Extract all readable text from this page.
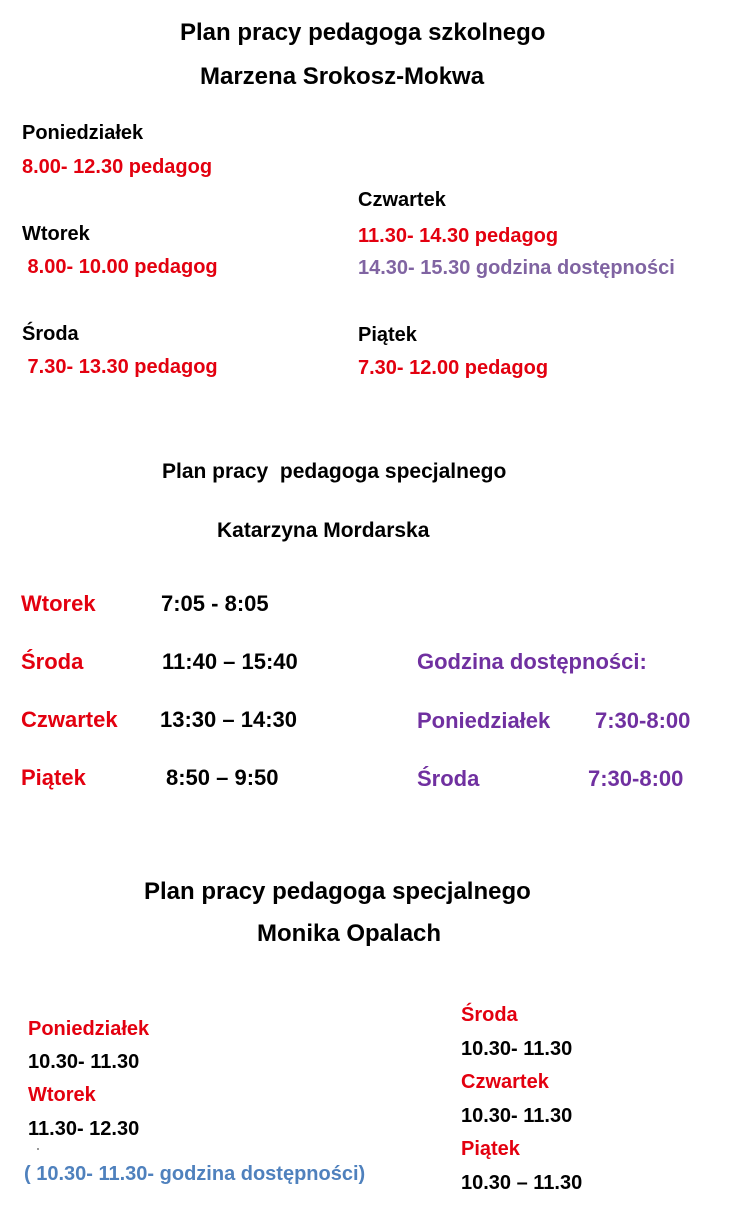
Plan pracy pedagoga szkolnego
Marzena Srokosz-Mokwa
Poniedziałek
8.00- 12.30 pedagog
Wtorek
8.00- 10.00 pedagog
Środa
7.30- 13.30 pedagog
Czwartek
11.30- 14.30 pedagog
14.30- 15.30 godzina dostępności
Piątek
7.30- 12.00 pedagog
Plan pracy  pedagoga specjalnego
Katarzyna Mordarska
Wtorek	7:05 - 8:05
Środa	11:40 – 15:40
Czwartek 13:30 – 14:30
Piątek	8:50 – 9:50
Godzina dostępności:
Poniedziałek 7:30-8:00
Środa	7:30-8:00
Plan pracy pedagoga specjalnego
Monika Opalach
Poniedziałek
10.30- 11.30
Wtorek
11.30- 12.30
( 10.30- 11.30- godzina dostępności)
Środa
10.30- 11.30
Czwartek
10.30- 11.30
Piątek
10.30 – 11.30
